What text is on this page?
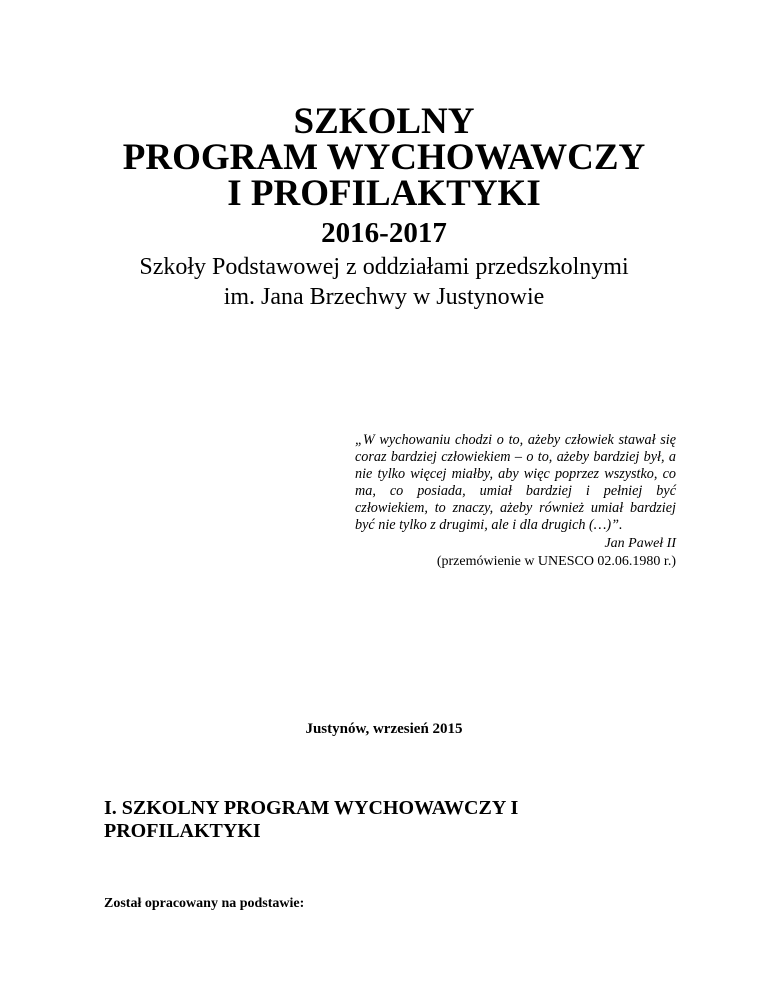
SZKOLNY
PROGRAM WYCHOWAWCZY
I PROFILAKTYKI
2016-2017
Szkoły Podstawowej z oddziałami przedszkolnymi
im. Jana Brzechwy w Justynowie
„W wychowaniu chodzi o to, ażeby człowiek stawał się coraz bardziej człowiekiem – o to, ażeby bardziej był, a nie tylko więcej miałby, aby więc poprzez wszystko, co ma, co posiada, umiał bardziej i pełniej być człowiekiem, to znaczy, ażeby również umiał bardziej być nie tylko z drugimi, ale i dla drugich (…)”.
Jan Paweł II
(przemówienie w UNESCO 02.06.1980 r.)
Justynów, wrzesień 2015
I. SZKOLNY PROGRAM WYCHOWAWCZY I PROFILAKTYKI
Został opracowany na podstawie:
